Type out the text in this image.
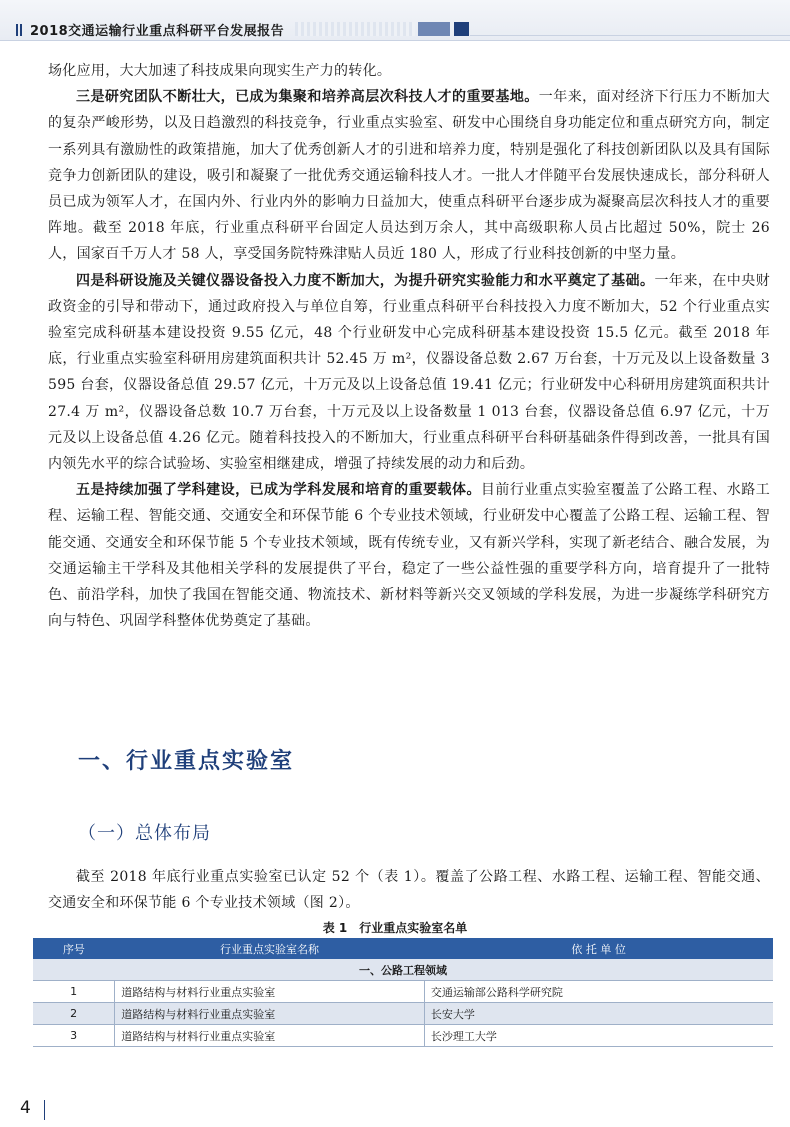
2018交通运输行业重点科研平台发展报告

场化应用，大大加速了科技成果向现实生产力的转化。

三是研究团队不断壮大，已成为集聚和培养高层次科技人才的重要基地。一年来，面对经济下行压力不断加大的复杂严峻形势，以及日趋激烈的科技竞争，行业重点实验室、研发中心围绕自身功能定位和重点研究方向，制定一系列具有激励性的政策措施，加大了优秀创新人才的引进和培养力度，特别是强化了科技创新团队以及具有国际竞争力创新团队的建设，吸引和凝聚了一批优秀交通运输科技人才。一批人才伴随平台发展快速成长，部分科研人员已成为领军人才，在国内外、行业内外的影响力日益加大，使重点科研平台逐步成为凝聚高层次科技人才的重要阵地。截至 2018 年底，行业重点科研平台固定人员达到万余人，其中高级职称人员占比超过 50%，院士 26 人，国家百千万人才 58 人，享受国务院特殊津贴人员近 180 人，形成了行业科技创新的中坚力量。

四是科研设施及关键仪器设备投入力度不断加大，为提升研究实验能力和水平奠定了基础。一年来，在中央财政资金的引导和带动下，通过政府投入与单位自筹，行业重点科研平台科技投入力度不断加大，52 个行业重点实验室完成科研基本建设投资 9.55 亿元，48 个行业研发中心完成科研基本建设投资 15.5 亿元。截至 2018 年底，行业重点实验室科研用房建筑面积共计 52.45 万 m²，仪器设备总数 2.67 万台套，十万元及以上设备数量 3 595 台套，仪器设备总值 29.57 亿元，十万元及以上设备总值 19.41 亿元；行业研发中心科研用房建筑面积共计 27.4 万 m²，仪器设备总数 10.7 万台套，十万元及以上设备数量 1 013 台套，仪器设备总值 6.97 亿元，十万元及以上设备总值 4.26 亿元。随着科技投入的不断加大，行业重点科研平台科研基础条件得到改善，一批具有国内领先水平的综合试验场、实验室相继建成，增强了持续发展的动力和后劲。

五是持续加强了学科建设，已成为学科发展和培育的重要载体。目前行业重点实验室覆盖了公路工程、水路工程、运输工程、智能交通、交通安全和环保节能 6 个专业技术领域，行业研发中心覆盖了公路工程、运输工程、智能交通、交通安全和环保节能 5 个专业技术领域，既有传统专业，又有新兴学科，实现了新老结合、融合发展，为交通运输主干学科及其他相关学科的发展提供了平台，稳定了一些公益性强的重要学科方向，培育提升了一批特色、前沿学科，加快了我国在智能交通、物流技术、新材料等新兴交叉领域的学科发展，为进一步凝练学科研究方向与特色、巩固学科整体优势奠定了基础。

一、行业重点实验室
（一）总体布局

截至 2018 年底行业重点实验室已认定 52 个（表 1）。覆盖了公路工程、水路工程、运输工程、智能交通、交通安全和环保节能 6 个专业技术领域（图 2）。

表 1　行业重点实验室名单
序号	行业重点实验室名称	依 托 单 位
一、公路工程领域		
1	道路结构与材料行业重点实验室	交通运输部公路科学研究院
2	道路结构与材料行业重点实验室	长安大学
3	道路结构与材料行业重点实验室	长沙理工大学
4
